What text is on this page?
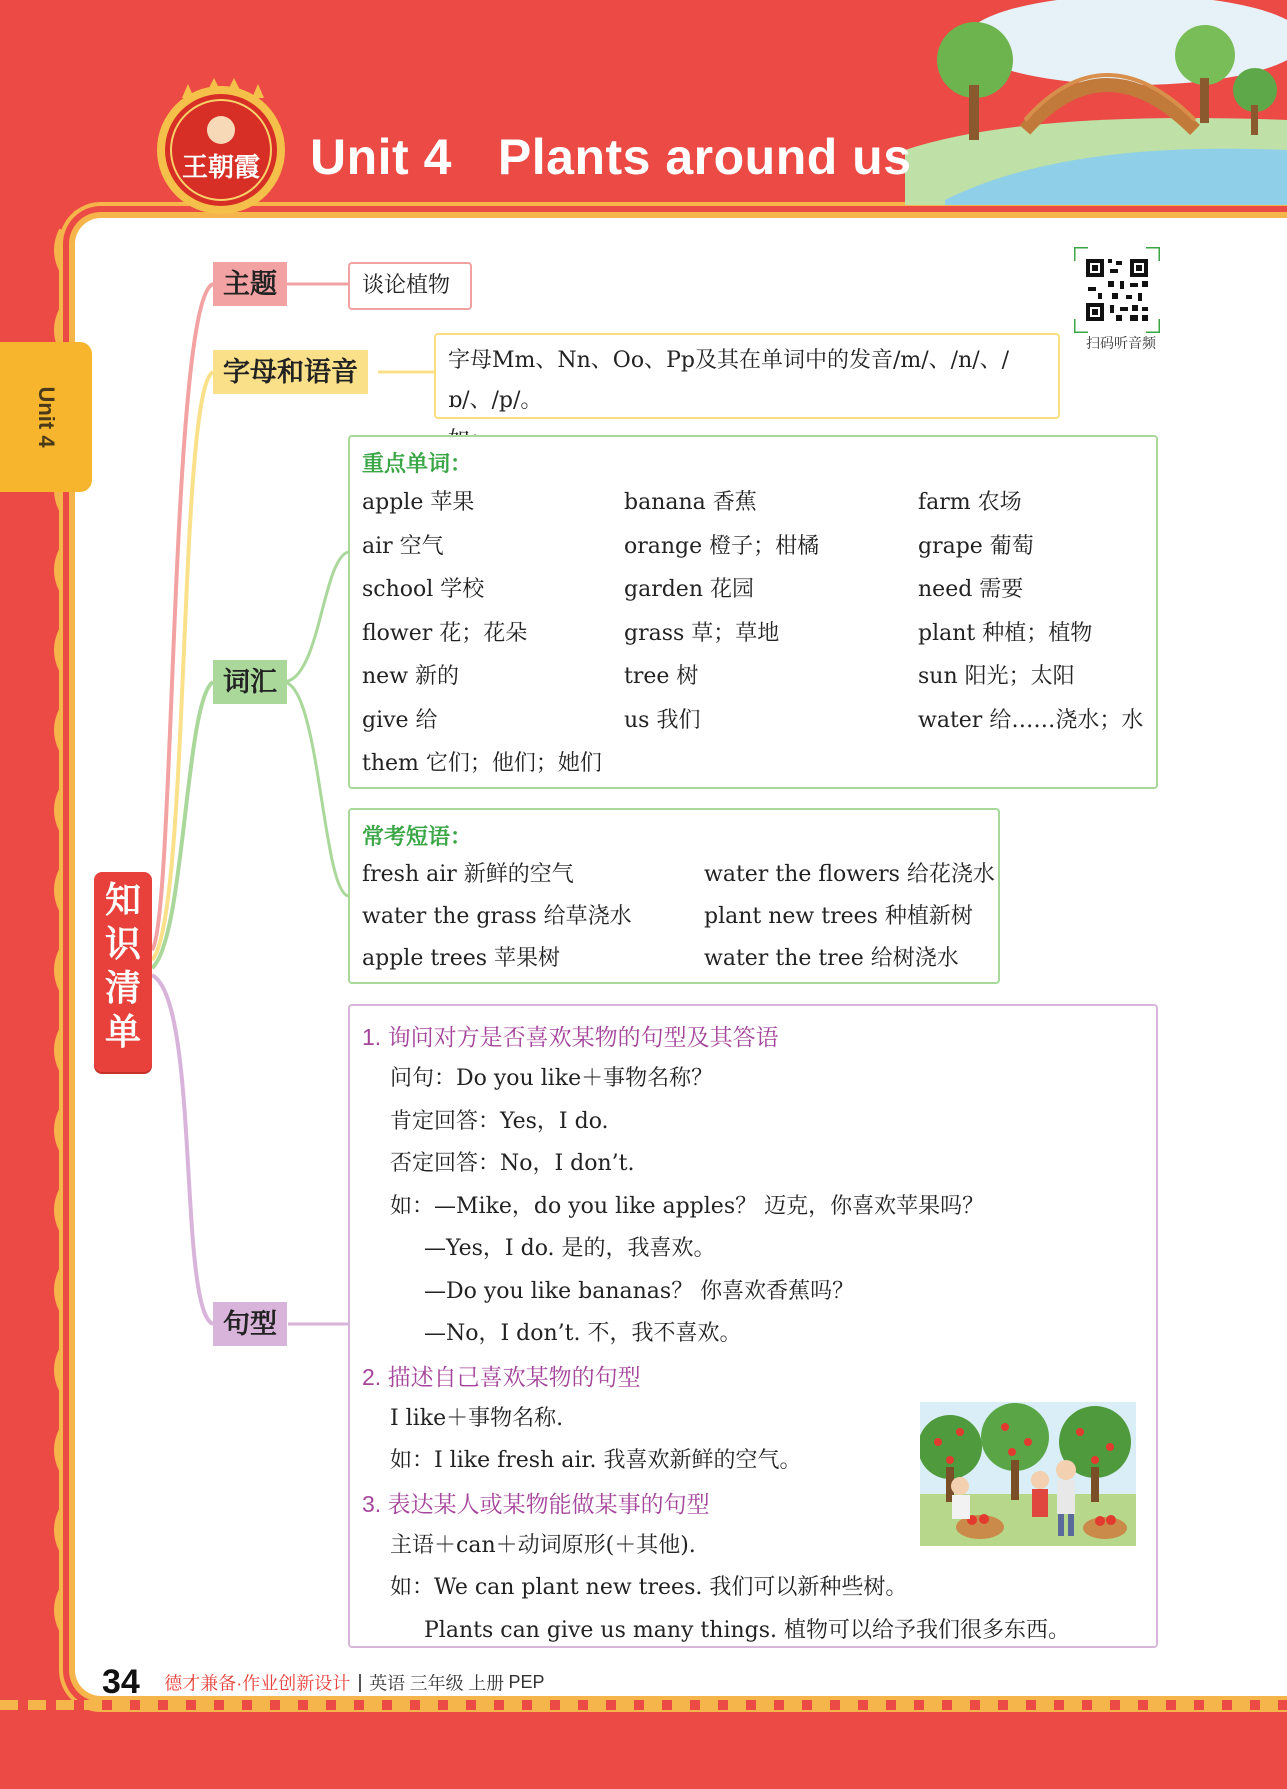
王朝霞 Unit 4 Plants around us
扫码听音频
Unit 4
知
识
清
单
主题
字母和语音
词汇
句型
谈论植物
字母Mm、Nn、Oo、Pp及其在单词中的发音/m/、/n/、/ɒ/、/p/。
重点单词：
apple 苹果	banana 香蕉	farm 农场
air 空气	orange 橙子；柑橘	grape 葡萄
school 学校	garden 花园	need 需要
flower 花；花朵	grass 草；草地	plant 种植；植物
new 新的	tree 树	sun 阳光；太阳
give 给	us 我们	water 给……浇水；水
them 它们；他们；她们
常考短语：
fresh air 新鲜的空气	water the flowers 给花浇水
water the grass 给草浇水	plant new trees 种植新树
apple trees 苹果树	water the tree 给树浇水
1. 询问对方是否喜欢某物的句型及其答语
问句：Do you like＋事物名称？
肯定回答：Yes，I do.
否定回答：No，I don’t.
如：—Mike，do you like apples？ 迈克，你喜欢苹果吗？
—Yes，I do. 是的，我喜欢。
—Do you like bananas？ 你喜欢香蕉吗？
—No，I don’t. 不，我不喜欢。
2. 描述自己喜欢某物的句型
I like＋事物名称.
如：I like fresh air. 我喜欢新鲜的空气。
3. 表达某人或某物能做某事的句型
主语＋can＋动词原形(＋其他).
如：We can plant new trees. 我们可以新种些树。
Plants can give us many things. 植物可以给予我们很多东西。
34 德才兼备·作业创新设计 英语 三年级 上册 PEP
